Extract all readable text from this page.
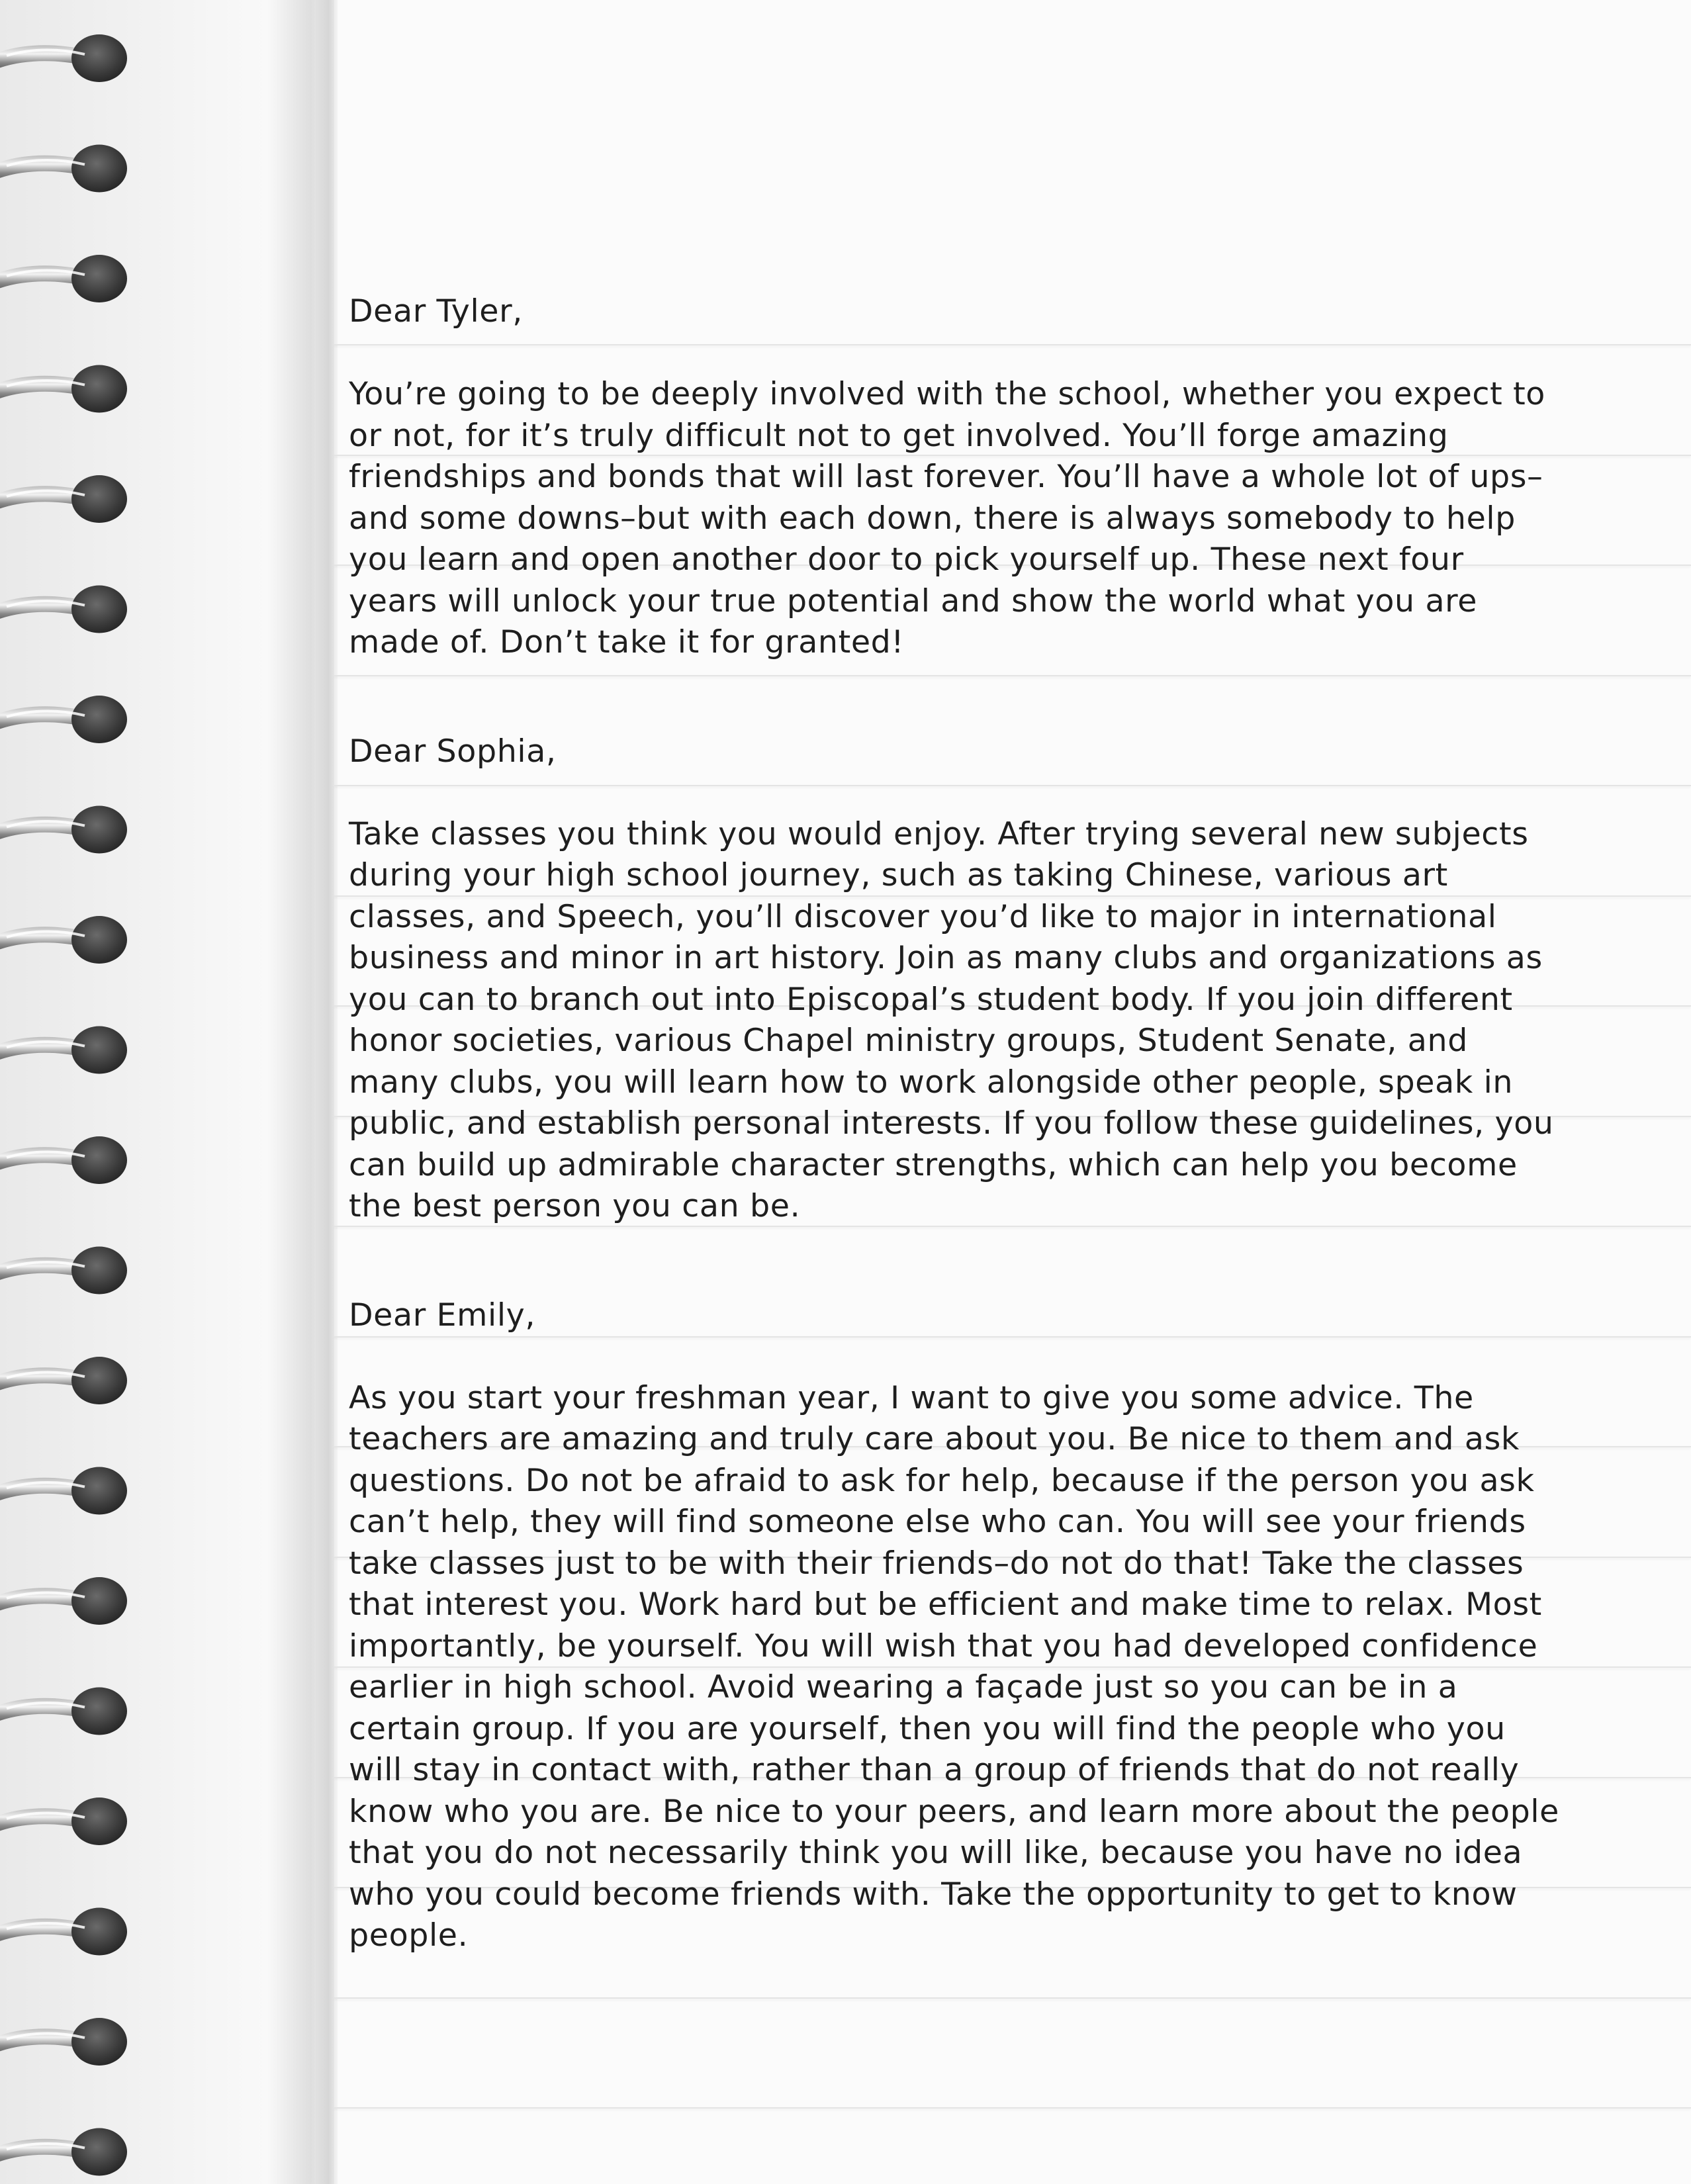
Dear Tyler,

You’re going to be deeply involved with the school, whether you expect to or not, for it’s truly difficult not to get involved. You’ll forge amazing friendships and bonds that will last forever. You’ll have a whole lot of ups–and some downs–but with each down, there is always somebody to help you learn and open another door to pick yourself up. These next four years will unlock your true potential and show the world what you are made of. Don’t take it for granted!

Dear Sophia,

Take classes you think you would enjoy. After trying several new subjects during your high school journey, such as taking Chinese, various art classes, and Speech, you’ll discover you’d like to major in international business and minor in art history. Join as many clubs and organizations as you can to branch out into Episcopal’s student body. If you join different honor societies, various Chapel ministry groups, Student Senate, and many clubs, you will learn how to work alongside other people, speak in public, and establish personal interests. If you follow these guidelines, you can build up admirable character strengths, which can help you become the best person you can be.

Dear Emily,

As you start your freshman year, I want to give you some advice. The teachers are amazing and truly care about you. Be nice to them and ask questions. Do not be afraid to ask for help, because if the person you ask can’t help, they will find someone else who can. You will see your friends take classes just to be with their friends–do not do that! Take the classes that interest you. Work hard but be efficient and make time to relax. Most importantly, be yourself. You will wish that you had developed confidence earlier in high school. Avoid wearing a façade just so you can be in a certain group. If you are yourself, then you will find the people who you will stay in contact with, rather than a group of friends that do not really know who you are. Be nice to your peers, and learn more about the people that you do not necessarily think you will like, because you have no idea who you could become friends with. Take the opportunity to get to know people.
